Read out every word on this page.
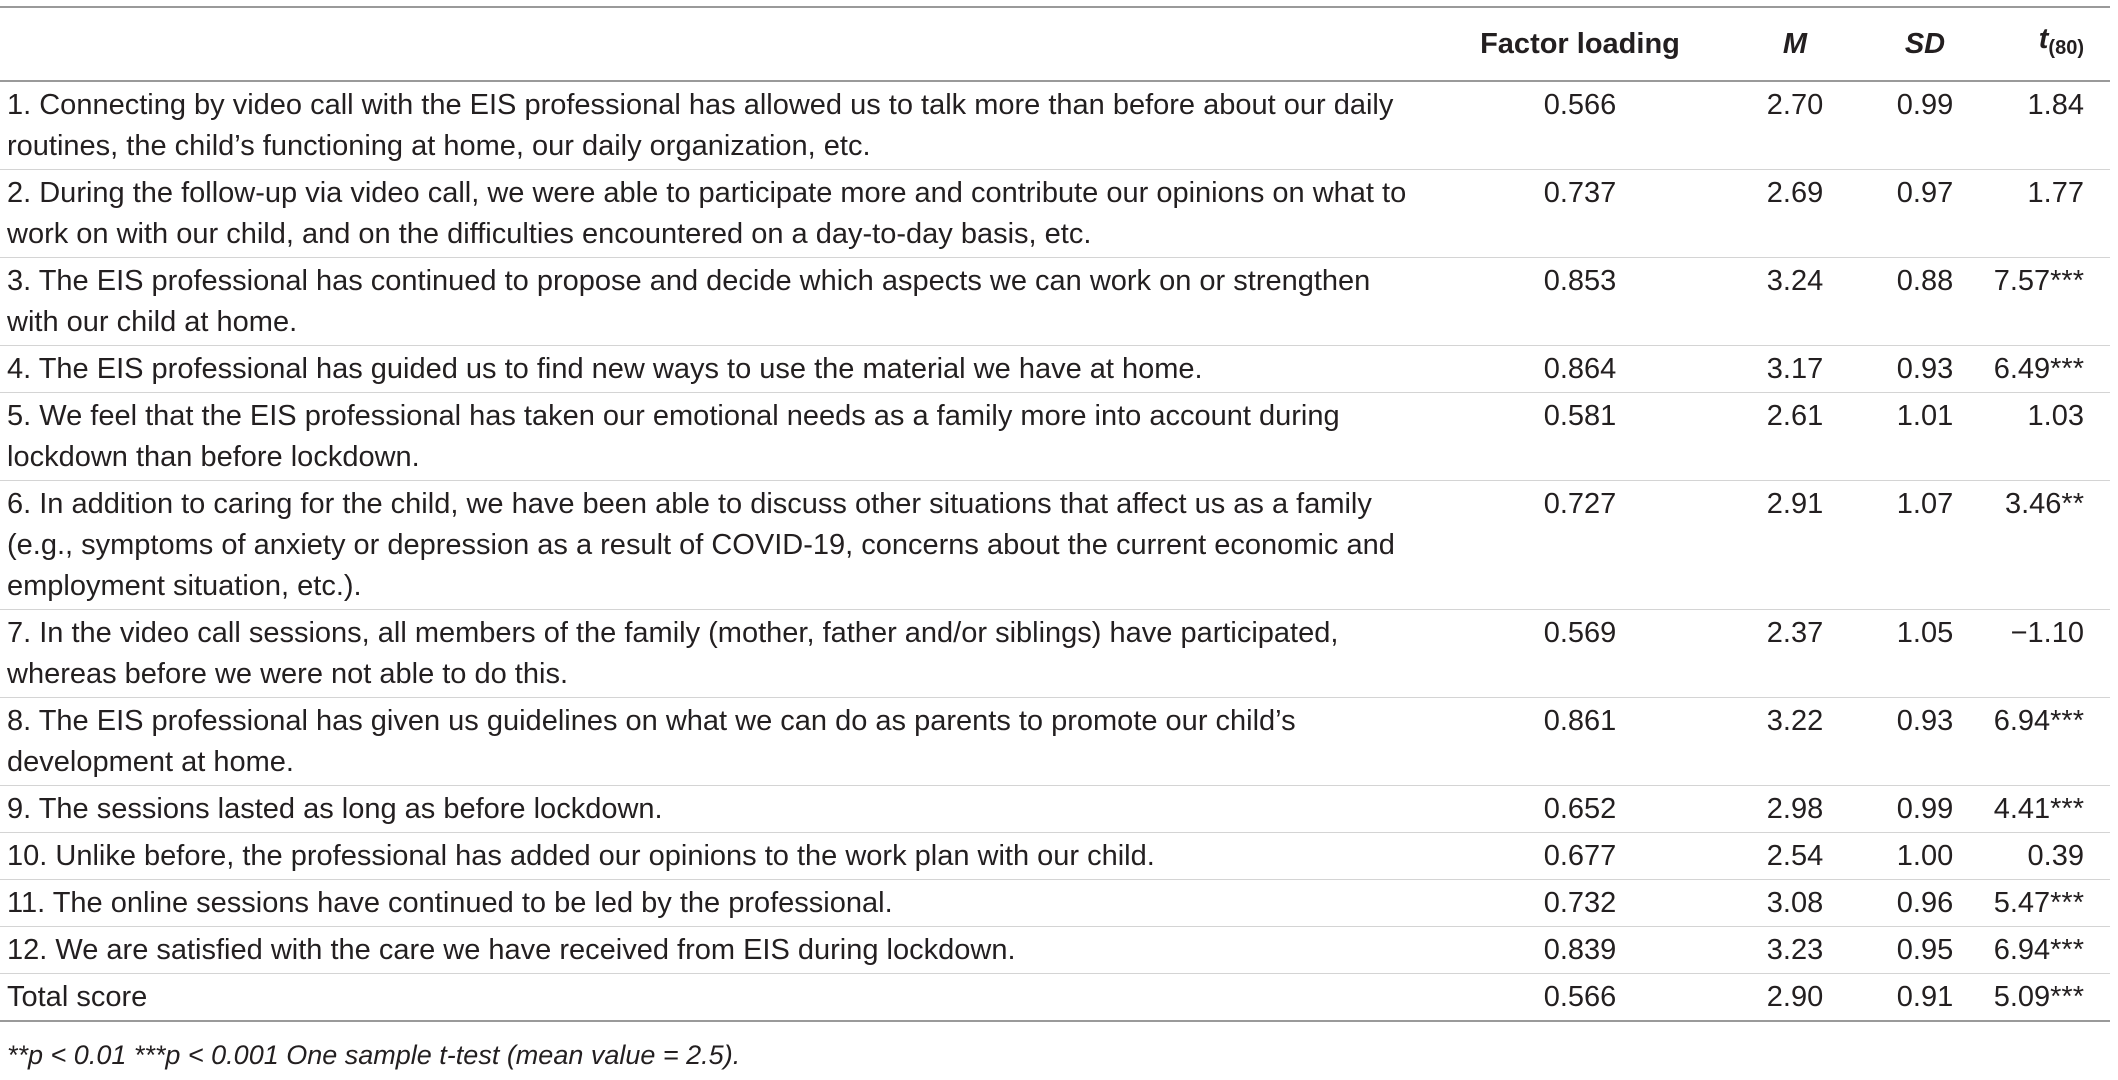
	Factor loading	M	SD	$t_{(80)}$
1. Connecting by video call with the EIS professional has allowed us to talk more than before about our daily routines, the child’s functioning at home, our daily organization, etc.	0.566	2.70	0.99	1.84
2. During the follow-up via video call, we were able to participate more and contribute our opinions on what to work on with our child, and on the difficulties encountered on a day-to-day basis, etc.	0.737	2.69	0.97	1.77
3. The EIS professional has continued to propose and decide which aspects we can work on or strengthen with our child at home.	0.853	3.24	0.88	7.57***
4. The EIS professional has guided us to find new ways to use the material we have at home.	0.864	3.17	0.93	6.49***
5. We feel that the EIS professional has taken our emotional needs as a family more into account during lockdown than before lockdown.	0.581	2.61	1.01	1.03
6. In addition to caring for the child, we have been able to discuss other situations that affect us as a family (e.g., symptoms of anxiety or depression as a result of COVID-19, concerns about the current economic and employment situation, etc.).	0.727	2.91	1.07	3.46**
7. In the video call sessions, all members of the family (mother, father and/or siblings) have participated, whereas before we were not able to do this.	0.569	2.37	1.05	−1.10
8. The EIS professional has given us guidelines on what we can do as parents to promote our child’s development at home.	0.861	3.22	0.93	6.94***
9. The sessions lasted as long as before lockdown.	0.652	2.98	0.99	4.41***
10. Unlike before, the professional has added our opinions to the work plan with our child.	0.677	2.54	1.00	0.39
11. The online sessions have continued to be led by the professional.	0.732	3.08	0.96	5.47***
12. We are satisfied with the care we have received from EIS during lockdown.	0.839	3.23	0.95	6.94***
Total score	0.566	2.90	0.91	5.09***
**p < 0.01 ***p < 0.001 One sample t-test (mean value = 2.5).
